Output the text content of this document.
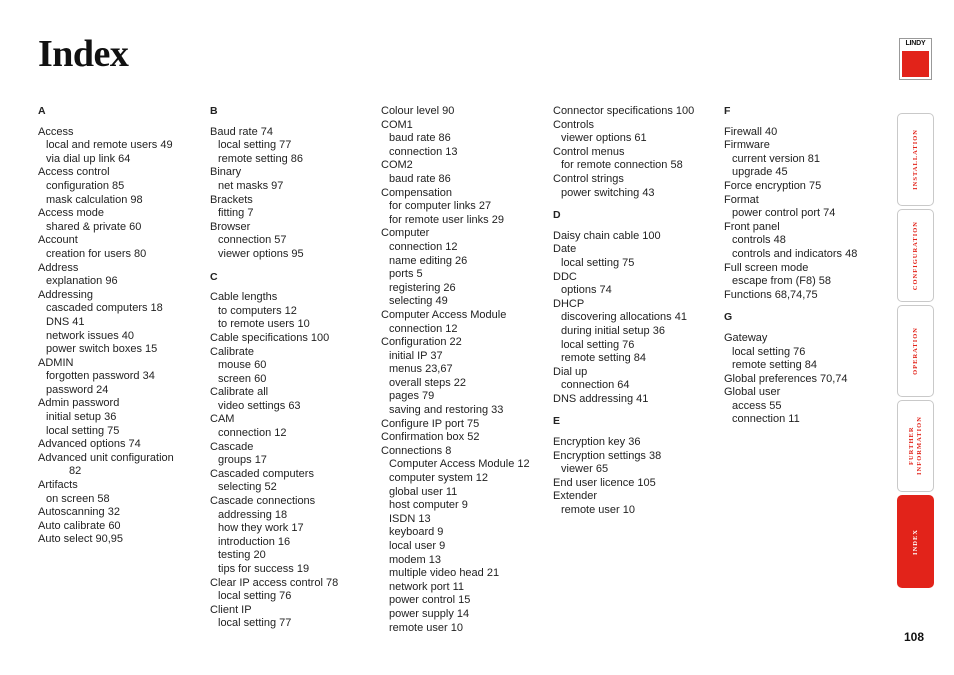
Index	LINDY
A
Access
local and remote users 49
via dial up link 64
Access control
configuration 85
mask calculation 98
Access mode
shared & private 60
Account
creation for users 80
Address
explanation 96
Addressing
cascaded computers 18
DNS 41
network issues 40
power switch boxes 15
ADMIN
forgotten password 34
password 24
Admin password
initial setup 36
local setting 75
Advanced options 74
Advanced unit configuration
82
Artifacts
on screen 58
Autoscanning 32
Auto calibrate 60
Auto select 90,95
B
Baud rate 74
local setting 77
remote setting 86
Binary
net masks 97
Brackets
fitting 7
Browser
connection 57
viewer options 95
C
Cable lengths
to computers 12
to remote users 10
Cable specifications 100
Calibrate
mouse 60
screen 60
Calibrate all
video settings 63
CAM
connection 12
Cascade
groups 17
Cascaded computers
selecting 52
Cascade connections
addressing 18
how they work 17
introduction 16
testing 20
tips for success 19
Clear IP access control 78
local setting 76
Client IP
local setting 77
Colour level 90
COM1
baud rate 86
connection 13
COM2
baud rate 86
Compensation
for computer links 27
for remote user links 29
Computer
connection 12
name editing 26
ports 5
registering 26
selecting 49
Computer Access Module
connection 12
Configuration 22
initial IP 37
menus 23,67
overall steps 22
pages 79
saving and restoring 33
Configure IP port 75
Confirmation box 52
Connections 8
Computer Access Module 12
computer system 12
global user 11
host computer 9
ISDN 13
keyboard 9
local user 9
modem 13
multiple video head 21
network port 11
power control 15
power supply 14
remote user 10
Connector specifications 100
Controls
viewer options 61
Control menus
for remote connection 58
Control strings
power switching 43
D
Daisy chain cable 100
Date
local setting 75
DDC
options 74
DHCP
discovering allocations 41
during initial setup 36
local setting 76
remote setting 84
Dial up
connection 64
DNS addressing 41
E
Encryption key 36
Encryption settings 38
viewer 65
End user licence 105
Extender
remote user 10
F
Firewall 40
Firmware
current version 81
upgrade 45
Force encryption 75
Format
power control port 74
Front panel
controls 48
controls and indicators 48
Full screen mode
escape from (F8) 58
Functions 68,74,75
G
Gateway
local setting 76
remote setting 84
Global preferences 70,74
Global user
access 55
connection 11
INSTALLATION
CONFIGURATION
OPERATION
FURTHER INFORMATION
INDEX
108
